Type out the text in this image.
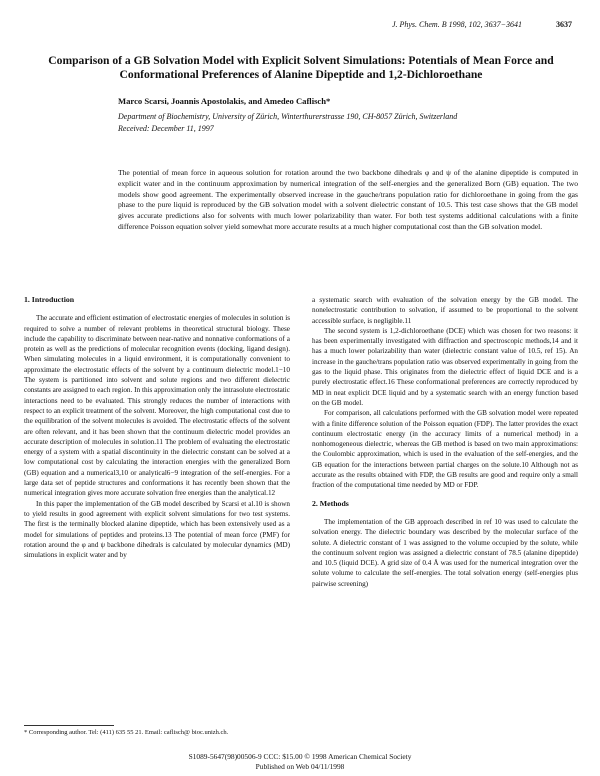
J. Phys. Chem. B 1998, 102, 3637−3641	3637
Comparison of a GB Solvation Model with Explicit Solvent Simulations: Potentials of Mean Force and Conformational Preferences of Alanine Dipeptide and 1,2-Dichloroethane
Marco Scarsi, Joannis Apostolakis, and Amedeo Caflisch*
Department of Biochemistry, University of Zürich, Winterthurerstrasse 190, CH-8057 Zürich, Switzerland
Received: December 11, 1997

The potential of mean force in aqueous solution for rotation around the two backbone dihedrals φ and ψ of the alanine dipeptide is computed in explicit water and in the continuum approximation by numerical integration of the self-energies and the generalized Born (GB) equation. The two models show good agreement. The experimentally observed increase in the gauche/trans population ratio for dichloroethane in going from the gas phase to the pure liquid is reproduced by the GB solvation model with a solvent dielectric constant of 10.5. This test case shows that the GB model gives accurate predictions also for solvents with much lower polarizability than water. For both test systems additional calculations with a finite difference Poisson equation solver yield somewhat more accurate results at a much higher computational cost than the GB solvation model.

1. Introduction

The accurate and efficient estimation of electrostatic energies of molecules in solution is required to solve a number of relevant problems in theoretical structural biology. These include the capability to discriminate between near-native and nonnative conformations of a protein as well as the predictions of molecular recognition events (docking, ligand design). When simulating molecules in a liquid environment, it is computationally convenient to approximate the electrostatic effects of the solvent by a continuum dielectric model.1−10 The system is partitioned into solvent and solute regions and two different dielectric constants are assigned to each region. In this approximation only the intrasolute electrostatic interactions need to be evaluated. This strongly reduces the number of interactions with respect to an explicit treatment of the solvent. Moreover, the high computational cost due to the equilibration of the solvent molecules is avoided. The electrostatic effects of the solvent are often relevant, and it has been shown that the continuum dielectric model provides an accurate description of molecules in solution.11 The problem of evaluating the electrostatic energy of a system with a spatial discontinuity in the dielectric constant can be solved at a low computational cost by calculating the interaction energies with the generalized Born (GB) equation and a numerical3,10 or analytical6−9 integration of the self-energies. For a large data set of peptide structures and conformations it has recently been shown that the numerical integration gives more accurate solvation free energies than the analytical.12

In this paper the implementation of the GB model described by Scarsi et al.10 is shown to yield results in good agreement with explicit solvent simulations for two test systems. The first is the terminally blocked alanine dipeptide, which has been extensively used as a model for simulations of peptides and proteins.13 The potential of mean force (PMF) for rotation around the φ and ψ backbone dihedrals is calculated by molecular dynamics (MD) simulations in explicit water and by

a systematic search with evaluation of the solvation energy by the GB model. The nonelectrostatic contribution to solvation, if assumed to be proportional to the solvent accessible surface, is negligible.11

The second system is 1,2-dichloroethane (DCE) which was chosen for two reasons: it has been experimentally investigated with diffraction and spectroscopic methods,14 and it has a much lower polarizability than water (dielectric constant value of 10.5, ref 15). An increase in the gauche/trans population ratio was observed experimentally in going from the gas to the liquid phase. This originates from the dielectric effect of liquid DCE and is a purely electrostatic effect.16 These conformational preferences are correctly reproduced by MD in neat explicit DCE liquid and by a systematic search with an energy function based on the GB model.

For comparison, all calculations performed with the GB solvation model were repeated with a finite difference solution of the Poisson equation (FDP). The latter provides the exact continuum electrostatic energy (in the accuracy limits of a numerical method) in a nonhomogeneous dielectric, whereas the GB method is based on two main approximations: the Coulombic approximation, which is used in the evaluation of the self-energies, and the GB equation for the interactions between partial charges on the solute.10 Although not as accurate as the results obtained with FDP, the GB results are good and require only a small fraction of the computational time needed by MD or FDP.

2. Methods

The implementation of the GB approach described in ref 10 was used to calculate the solvation energy. The dielectric boundary was described by the molecular surface of the solute. A dielectric constant of 1 was assigned to the volume occupied by the solute, while the continuum solvent region was assigned a dielectric constant of 78.5 (alanine dipeptide) and 10.5 (liquid DCE). A grid size of 0.4 Å was used for the numerical integration over the solute volume to calculate the self-energies. The total solvation energy (self-energies plus pairwise screening)

* Corresponding author. Tel: (411) 635 55 21. Email: caflisch@ bioc.unizh.ch.
S1089-5647(98)00506-9 CCC: $15.00 © 1998 American Chemical Society
Published on Web 04/11/1998
